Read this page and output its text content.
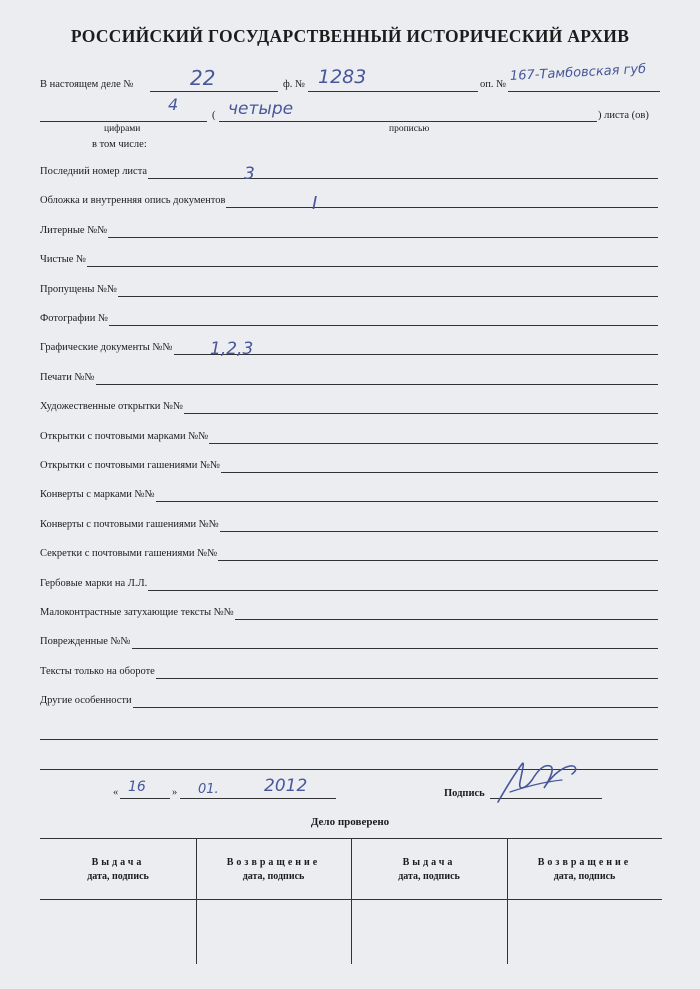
РОССИЙСКИЙ ГОСУДАРСТВЕННЫЙ ИСТОРИЧЕСКИЙ АРХИВ
В настоящем деле №	22	ф. № 1283	оп. №
167-Тамбовская губ
4
( четыре	) листа (ов)
цифрами	прописью
в том числе:
Последний номер листа	3
Обложка и внутренняя опись документов	I
Литерные №№
Чистые №
Пропущены №№
Фотографии №
Графические документы №№ 1,2,3
Печати №№
Художественные открытки №№
Открытки с почтовыми марками №№
Открытки с почтовыми гашениями №№
Конверты с марками №№
Конверты с почтовыми гашениями №№
Секретки с почтовыми гашениями №№
Гербовые марки на Л.Л.
Малоконтрастные затухающие тексты №№
Поврежденные №№
Тексты только на обороте
Другие особенности
« 16 » 01.	2012	Подпись
Дело проверено
Выдача
дата, подпись
Возвращение
дата, подпись
Выдача
дата, подпись
Возвращение
дата, подпись
